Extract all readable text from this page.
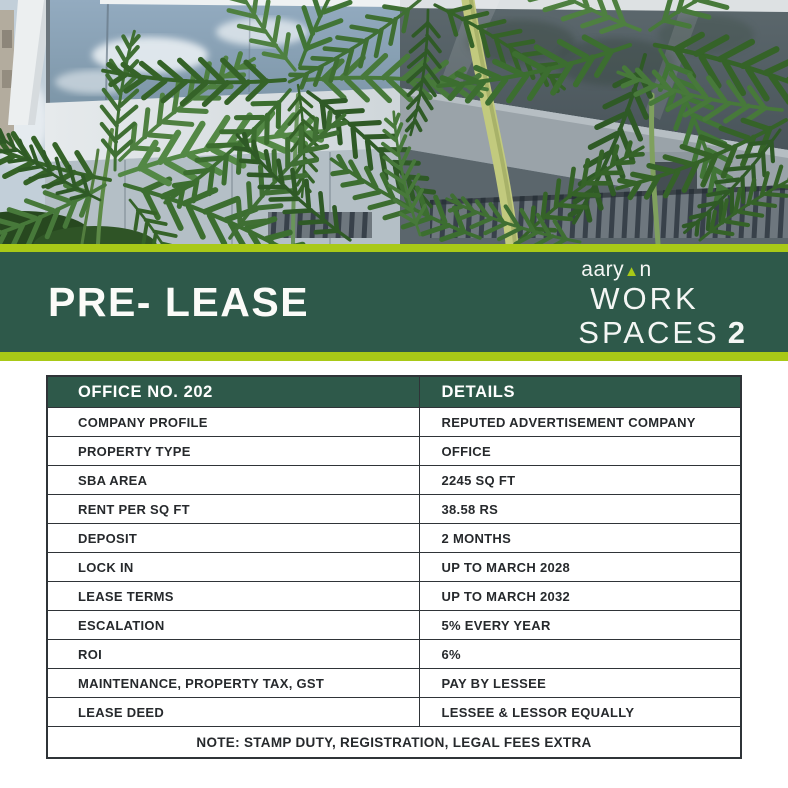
PRE- LEASE
aary▲n
WORK
SPACES 2
OFFICE NO. 202	DETAILS
COMPANY PROFILE	REPUTED ADVERTISEMENT COMPANY
PROPERTY TYPE	OFFICE
SBA AREA	2245 SQ FT
RENT PER SQ FT	38.58 RS
DEPOSIT	2 MONTHS
LOCK IN	UP TO MARCH 2028
LEASE TERMS	UP TO MARCH 2032
ESCALATION	5% EVERY YEAR
ROI	6%
MAINTENANCE, PROPERTY TAX, GST	PAY BY LESSEE
LEASE DEED	LESSEE & LESSOR EQUALLY
NOTE: STAMP DUTY, REGISTRATION, LEGAL FEES EXTRA	
